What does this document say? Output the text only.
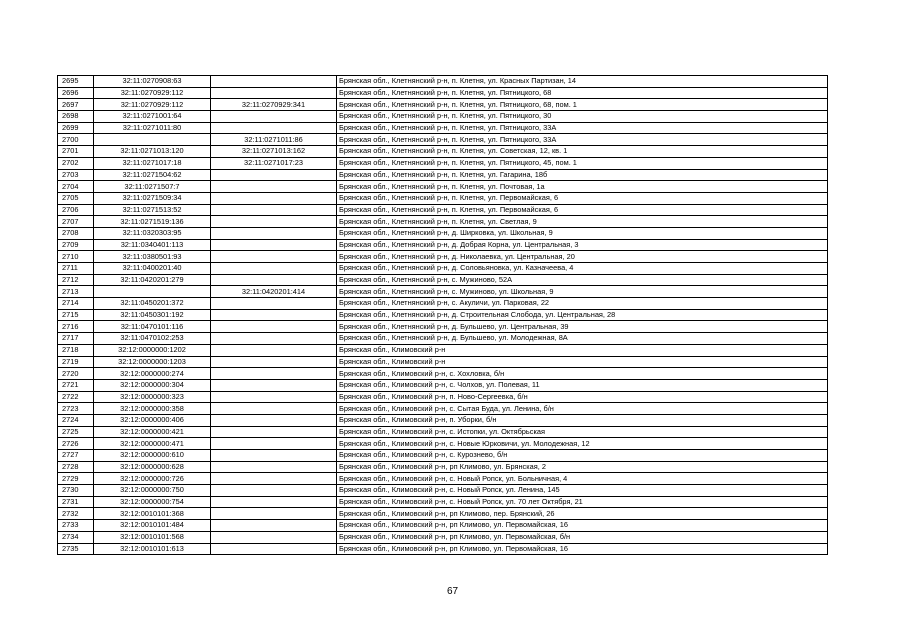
2695	32:11:0270908:63		Брянская обл., Клетнянский р-н, п. Клетня, ул. Красных Партизан, 14
2696	32:11:0270929:112		Брянская обл., Клетнянский р-н, п. Клетня, ул. Пятницкого, 68
2697	32:11:0270929:112	32:11:0270929:341	Брянская обл., Клетнянский р-н, п. Клетня, ул. Пятницкого, 68, пом. 1
2698	32:11:0271001:64		Брянская обл., Клетнянский р-н, п. Клетня, ул. Пятницкого, 30
2699	32:11:0271011:80		Брянская обл., Клетнянский р-н, п. Клетня, ул. Пятницкого, 33А
2700		32:11:0271011:86	Брянская обл., Клетнянский р-н, п. Клетня, ул. Пятницкого, 33А
2701	32:11:0271013:120	32:11:0271013:162	Брянская обл., Клетнянский р-н, п. Клетня, ул. Советская, 12, кв. 1
2702	32:11:0271017:18	32:11:0271017:23	Брянская обл., Клетнянский р-н, п. Клетня, ул. Пятницкого, 45, пом. 1
2703	32:11:0271504:62		Брянская обл., Клетнянский р-н, п. Клетня, ул. Гагарина, 18б
2704	32:11:0271507:7		Брянская обл., Клетнянский р-н, п. Клетня, ул. Почтовая, 1а
2705	32:11:0271509:34		Брянская обл., Клетнянский р-н, п. Клетня, ул. Первомайская, 6
2706	32:11:0271513:52		Брянская обл., Клетнянский р-н, п. Клетня, ул. Первомайская, 6
2707	32:11:0271519:136		Брянская обл., Клетнянский р-н, п. Клетня, ул. Светлая, 9
2708	32:11:0320303:95		Брянская обл., Клетнянский р-н, д. Ширковка, ул. Школьная, 9
2709	32:11:0340401:113		Брянская обл., Клетнянский р-н, д. Добрая Корна, ул. Центральная, 3
2710	32:11:0380501:93		Брянская обл., Клетнянский р-н, д. Николаевка, ул. Центральная, 20
2711	32:11:0400201:40		Брянская обл., Клетнянский р-н, д. Соловьяновка, ул. Казначеева, 4
2712	32:11:0420201:279		Брянская обл., Клетнянский р-н, с. Мужиново, 52А
2713		32:11:0420201:414	Брянская обл., Клетнянский р-н, с. Мужиново, ул. Школьная, 9
2714	32:11:0450201:372		Брянская обл., Клетнянский р-н, с. Акуличи, ул. Парковая, 22
2715	32:11:0450301:192		Брянская обл., Клетнянский р-н, д. Строительная Слобода, ул. Центральная, 28
2716	32:11:0470101:116		Брянская обл., Клетнянский р-н, д. Бульшево, ул. Центральная, 39
2717	32:11:0470102:253		Брянская обл., Клетнянский р-н, д. Бульшево, ул. Молодежная, 8А
2718	32:12:0000000:1202		Брянская обл., Климовский р-н
2719	32:12:0000000:1203		Брянская обл., Климовский р-н
2720	32:12:0000000:274		Брянская обл., Климовский р-н, с. Хохловка, б/н
2721	32:12:0000000:304		Брянская обл., Климовский р-н, с. Чолхов, ул. Полевая, 11
2722	32:12:0000000:323		Брянская обл., Климовский р-н, п. Ново-Сергеевка, б/н
2723	32:12:0000000:358		Брянская обл., Климовский р-н, с. Сытая Буда, ул. Ленина, б/н
2724	32:12:0000000:406		Брянская обл., Климовский р-н, п. Уборки, б/н
2725	32:12:0000000:421		Брянская обл., Климовский р-н, с. Истопки, ул. Октябрьская
2726	32:12:0000000:471		Брянская обл., Климовский р-н, с. Новые Юрковичи, ул. Молодежная, 12
2727	32:12:0000000:610		Брянская обл., Климовский р-н, с. Курознево, б/н
2728	32:12:0000000:628		Брянская обл., Климовский р-н, рп Климово, ул. Брянская, 2
2729	32:12:0000000:726		Брянская обл., Климовский р-н, с. Новый Ропск, ул. Больничная, 4
2730	32:12:0000000:750		Брянская обл., Климовский р-н, с. Новый Ропск, ул. Ленина, 145
2731	32:12:0000000:754		Брянская обл., Климовский р-н, с. Новый Ропск, ул. 70 лет Октября, 21
2732	32:12:0010101:368		Брянская обл., Климовский р-н, рп Климово, пер. Брянский, 26
2733	32:12:0010101:484		Брянская обл., Климовский р-н, рп Климово, ул. Первомайская, 16
2734	32:12:0010101:568		Брянская обл., Климовский р-н, рп Климово, ул. Первомайская, б/н
2735	32:12:0010101:613		Брянская обл., Климовский р-н, рп Климово, ул. Первомайская, 16
67
